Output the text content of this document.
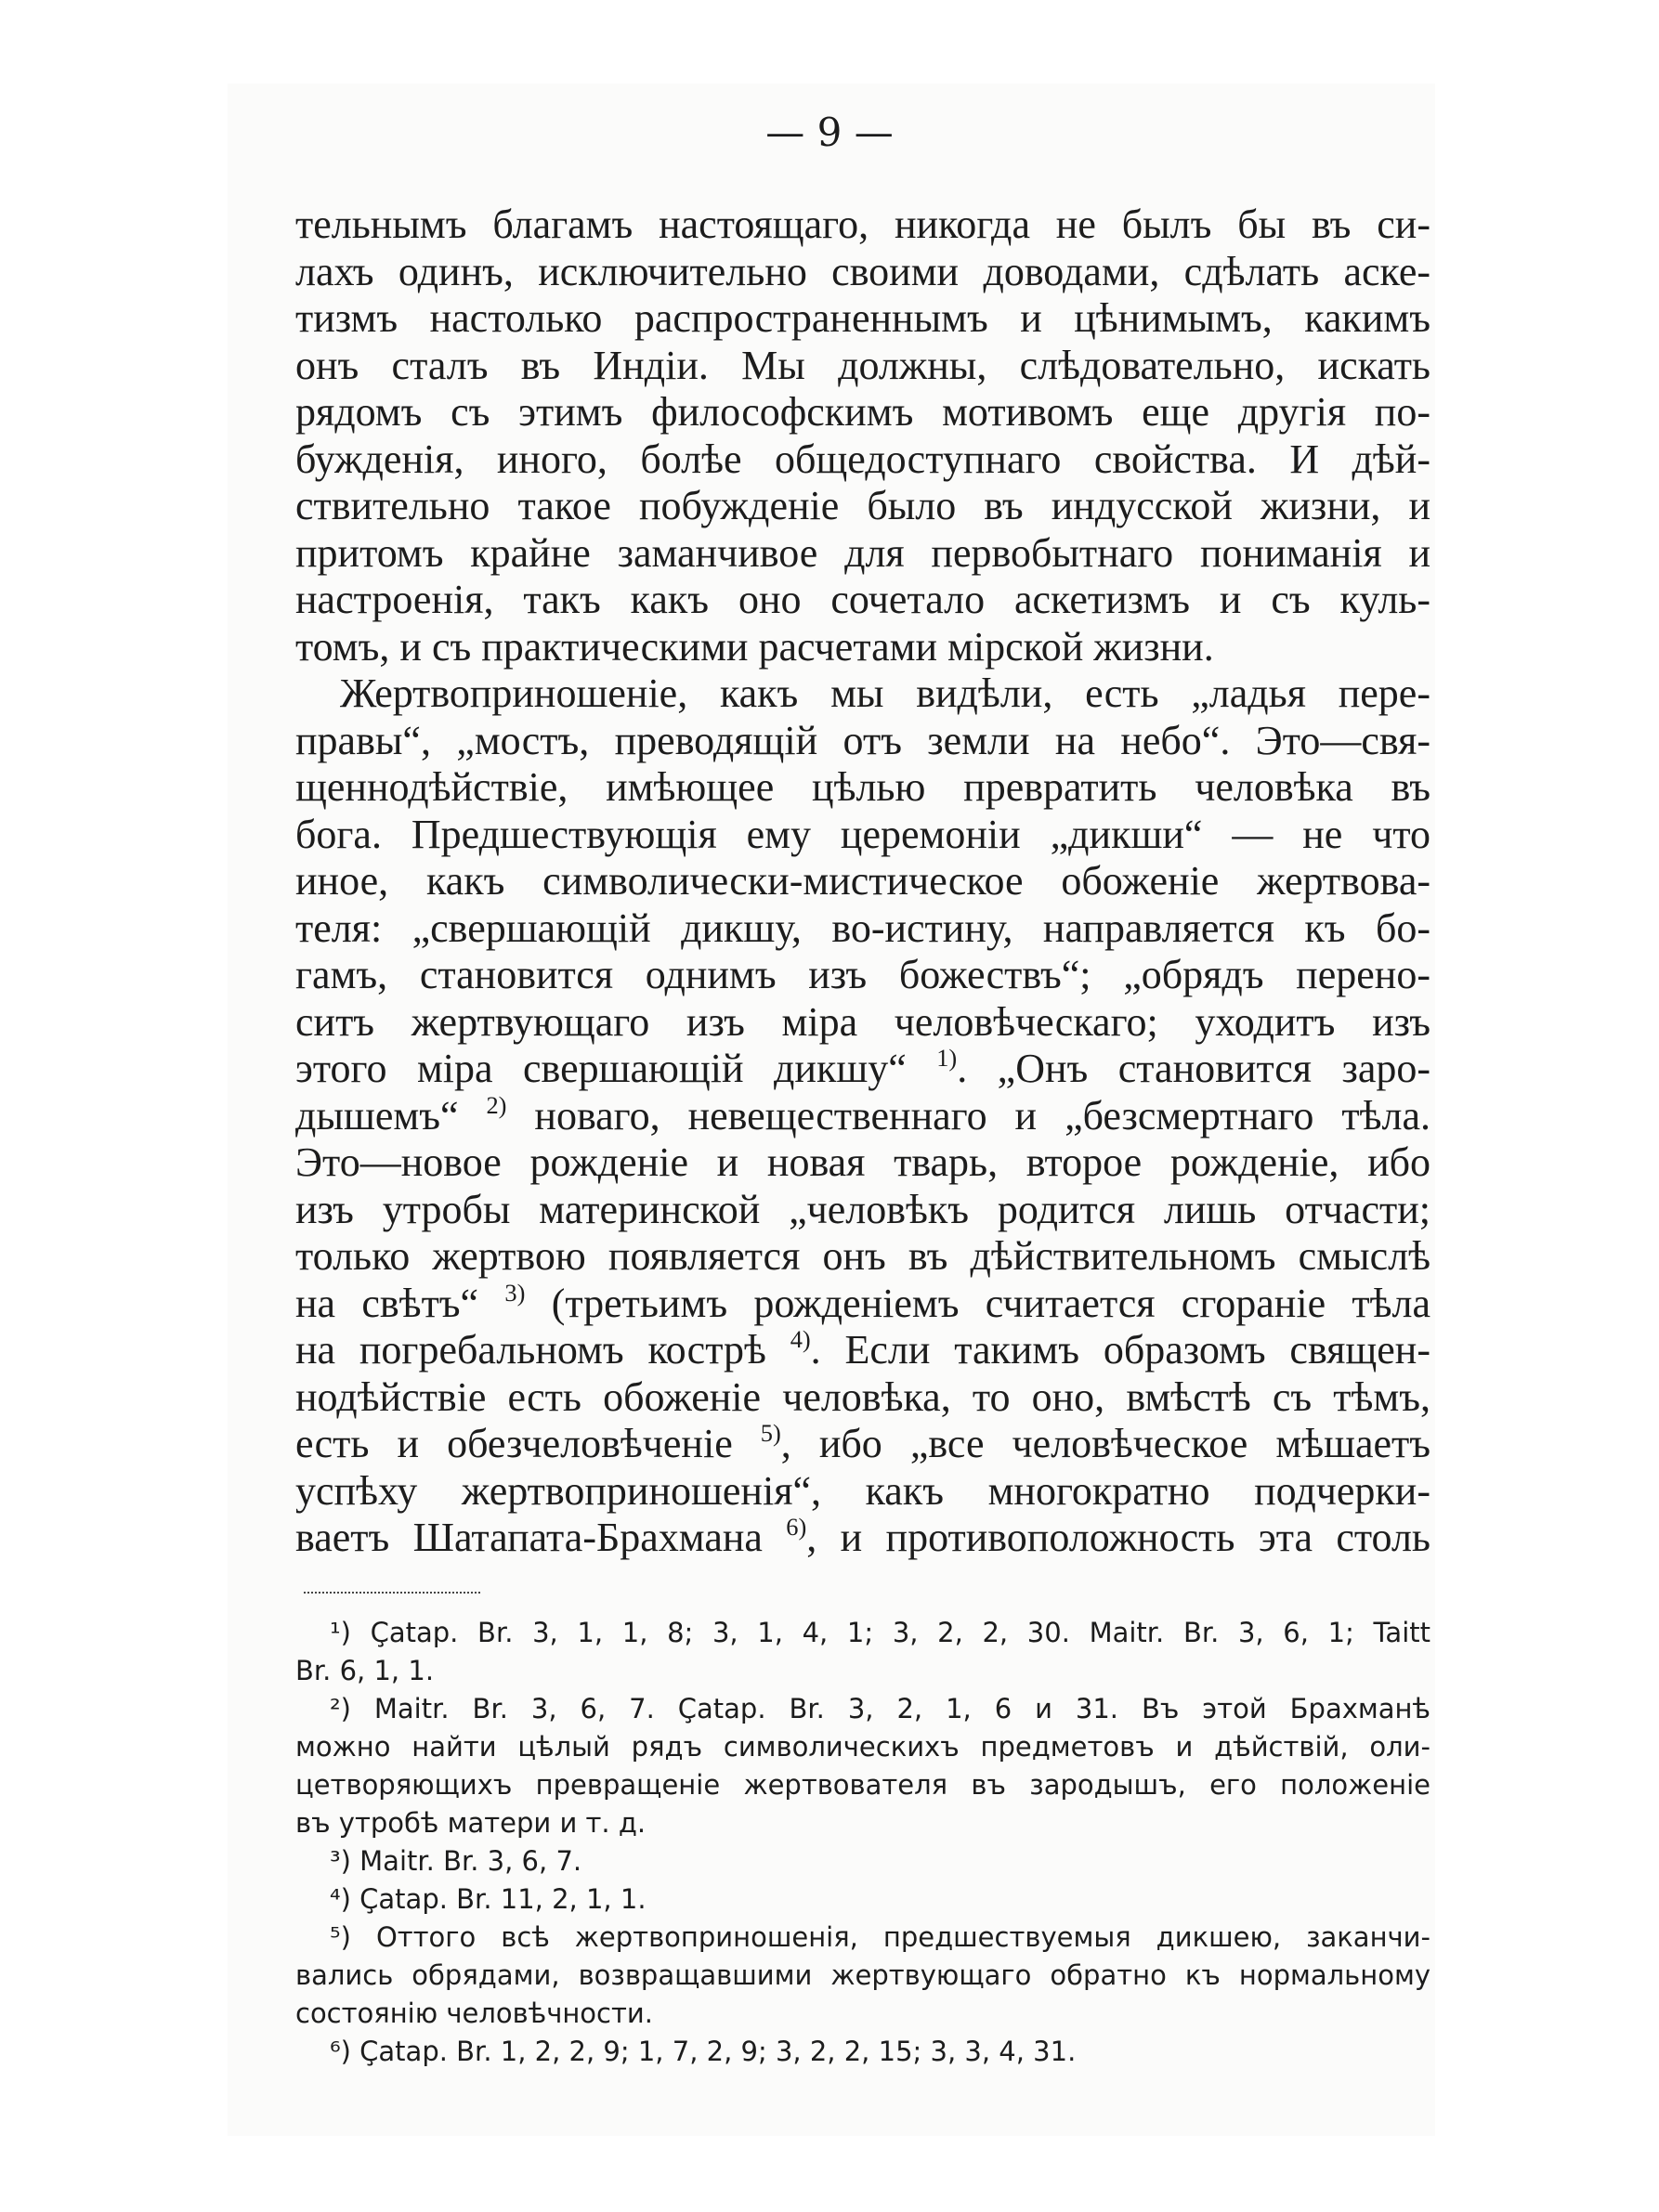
— 9 —
тельнымъ благамъ настоящаго, никогда не былъ бы въ си-
лахъ одинъ, исключительно своими доводами, сдѣлать аске-
тизмъ настолько распространеннымъ и цѣнимымъ, какимъ
онъ сталъ въ Индіи. Мы должны, слѣдовательно, искать
рядомъ съ этимъ философскимъ мотивомъ еще другія по-
бужденія, иного, болѣе общедоступнаго свойства. И дѣй-
ствительно такое побужденіе было въ индусской жизни, и
притомъ крайне заманчивое для первобытнаго пониманія и
настроенія, такъ какъ оно сочетало аскетизмъ и съ куль-
томъ, и съ практическими расчетами мірской жизни.
Жертвоприношеніе, какъ мы видѣли, есть „ладья пере-
правы“, „мостъ, преводящій отъ земли на небо“. Это—свя-
щеннодѣйствіе, имѣющее цѣлью превратить человѣка въ
бога. Предшествующія ему церемоніи „дикши“ — не что
иное, какъ символически-мистическое обоженіе жертвова-
теля: „свершающій дикшу, во-истину, направляется къ бо-
гамъ, становится однимъ изъ божествъ“; „обрядъ перено-
ситъ жертвующаго изъ міра человѣческаго; уходитъ изъ
этого міра свершающій дикшу“ $^{1)}$. „Онъ становится заро-
дышемъ“ $^{2)}$ новаго, невещественнаго и „безсмертнаго тѣла.
Это—новое рожденіе и новая тварь, второе рожденіе, ибо
изъ утробы материнской „человѣкъ родится лишь отчасти;
только жертвою появляется онъ въ дѣйствительномъ смыслѣ
на свѣтъ“ $^{3)}$ (третьимъ рожденіемъ считается сгораніе тѣла
на погребальномъ кострѣ $^{4)}$. Если такимъ образомъ священ-
нодѣйствіе есть обоженіе человѣка, то оно, вмѣстѣ съ тѣмъ,
есть и обезчеловѣченіе $^{5)}$, ибо „все человѣческое мѣшаетъ
успѣху жертвоприношенія“, какъ многократно подчерки-
ваетъ Шатапата-Брахмана $^{6)}$, и противоположность эта столь
¹) Çatap. Br. 3, 1, 1, 8; 3, 1, 4, 1; 3, 2, 2, 30. Maitr. Br. 3, 6, 1; Taitt
Br. 6, 1, 1.
²) Maitr. Br. 3, 6, 7. Çatap. Br. 3, 2, 1, 6 и 31. Въ этой Брахманѣ
можно найти цѣлый рядъ символическихъ предметовъ и дѣйствій, оли-
цетворяющихъ превращеніе жертвователя въ зародышъ, его положеніе
въ утробѣ матери и т. д.
³) Maitr. Br. 3, 6, 7.
⁴) Çatap. Br. 11, 2, 1, 1.
⁵) Оттого всѣ жертвоприношенія, предшествуемыя дикшею, заканчи-
вались обрядами, возвращавшими жертвующаго обратно къ нормальному
состоянію человѣчности.
⁶) Çatap. Br. 1, 2, 2, 9; 1, 7, 2, 9; 3, 2, 2, 15; 3, 3, 4, 31.
